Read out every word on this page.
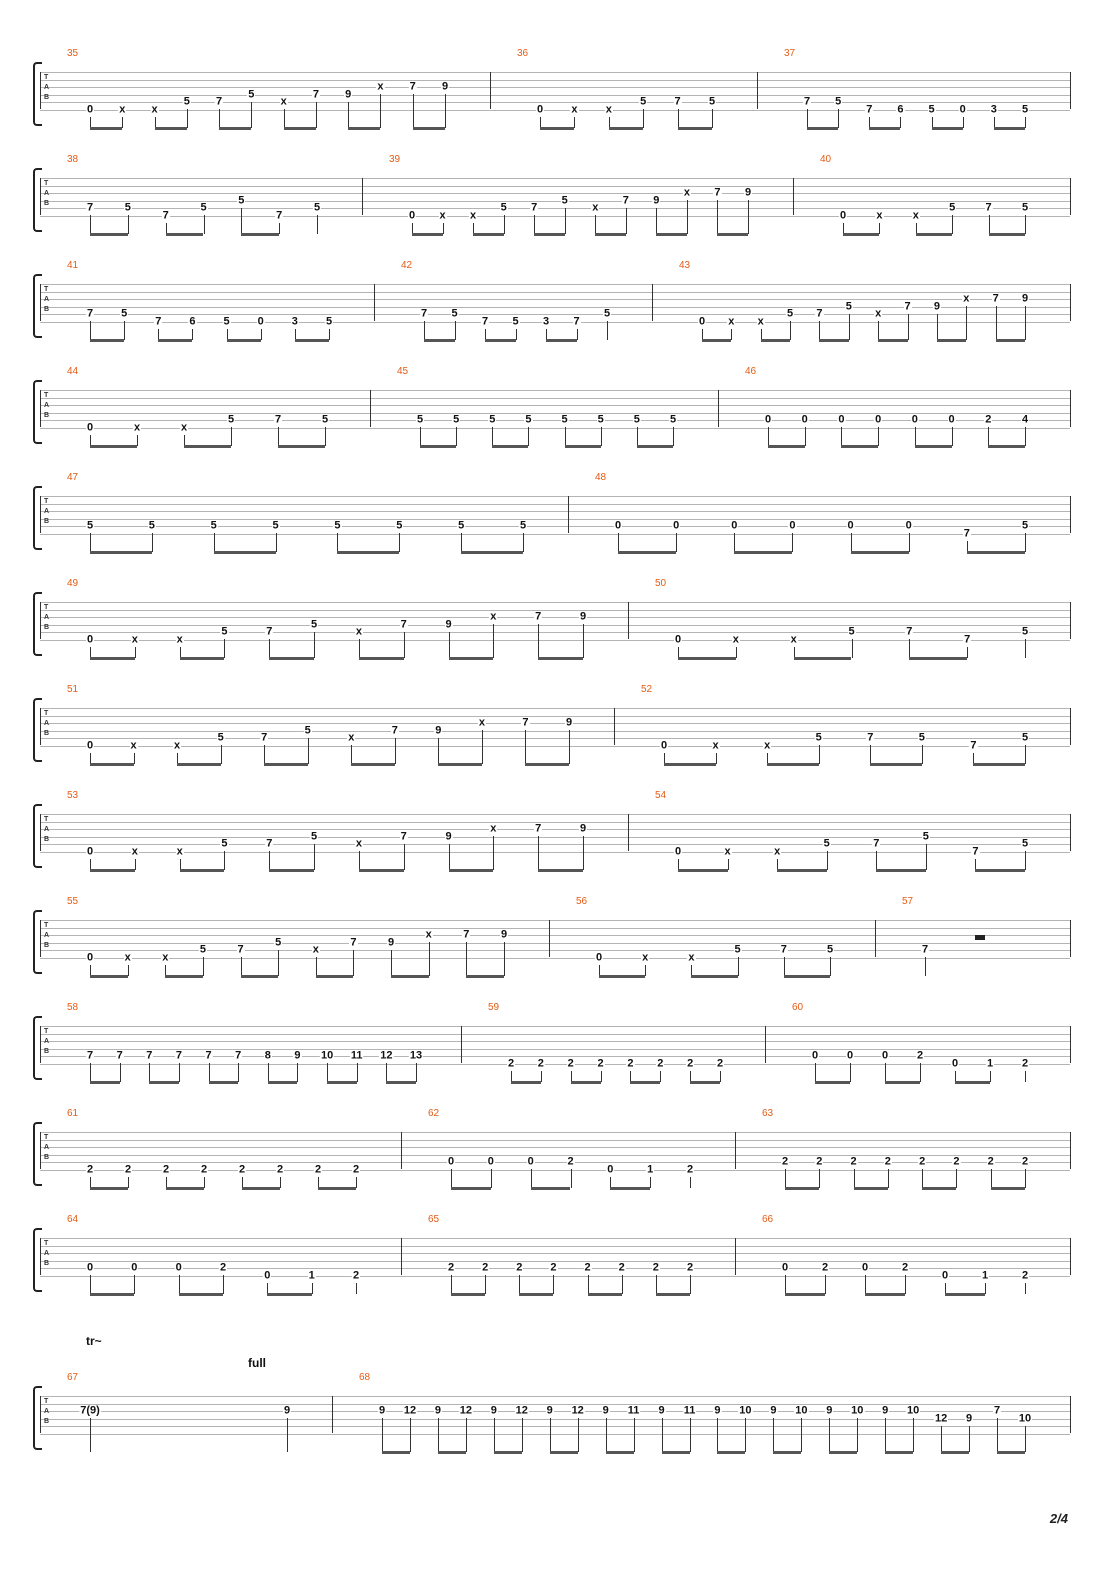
T
A
B
35
0 x x
5 7
5
x
7 9
x 7 9
36
0	x	x
5	7	5
37
7 5
7 6 5 0 3 5
T
A
B
38
7	5
7
5
5
7
5
39
0 x x
5 7
5
x
7 9
x 7 9
40
0	x	x
5	7	5
T
A
B
41
7	5
7	6	5	0	3	5
42
7 5
7 5 3 7
5
43
0 x x
5 7
5
x
7 9
x 7 9
T
A
B
44
0	x	x
5	7	5
45
5	5	5	5	5	5	5	5
46
0	0	0	0	0	0	2	4
T
A
B
47
5	5	5	5	5	5	5	5
48
0	0	0	0	0	0
7
5
T
A
B
49
0	x	x
5	7
5
x
7	9
x	7	9
50
0	x	x
5	7
7
5
T
A
B
51
0	x	x
5	7
5
x
7	9
x	7	9
52
0	x	x
5	7	5
7
5
T
A
B
53
0	x	x
5	7
5
x
7	9
x	7	9
54
0	x	x
5	7
5
7
5
T
A
B
55
0	x	x
5	7
5
x
7	9
x	7	9
56
0	x	x
5	7	5
57
7
T
A
B
58
7 7 7 7 7 7 8 9 10 11 12 13
59
2 2 2 2 2 2 2 2
60
0	0	0	2
0	1	2
T
A
B
61
2	2	2	2	2	2	2	2
62
0	0	0	2
0	1	2
63
2	2	2	2	2	2	2	2
T
A
B
64
0	0	0	2
0	1	2
65
2	2	2	2	2	2	2	2
66
0	2	0	2
0	1	2
T
A
B
67
7(9)	9
68
9 12 9 12 9 12 9 12 9 11 9 11 9 10 9 10 9 10 9 10
12 9
7
10
tr~
full
2/4
